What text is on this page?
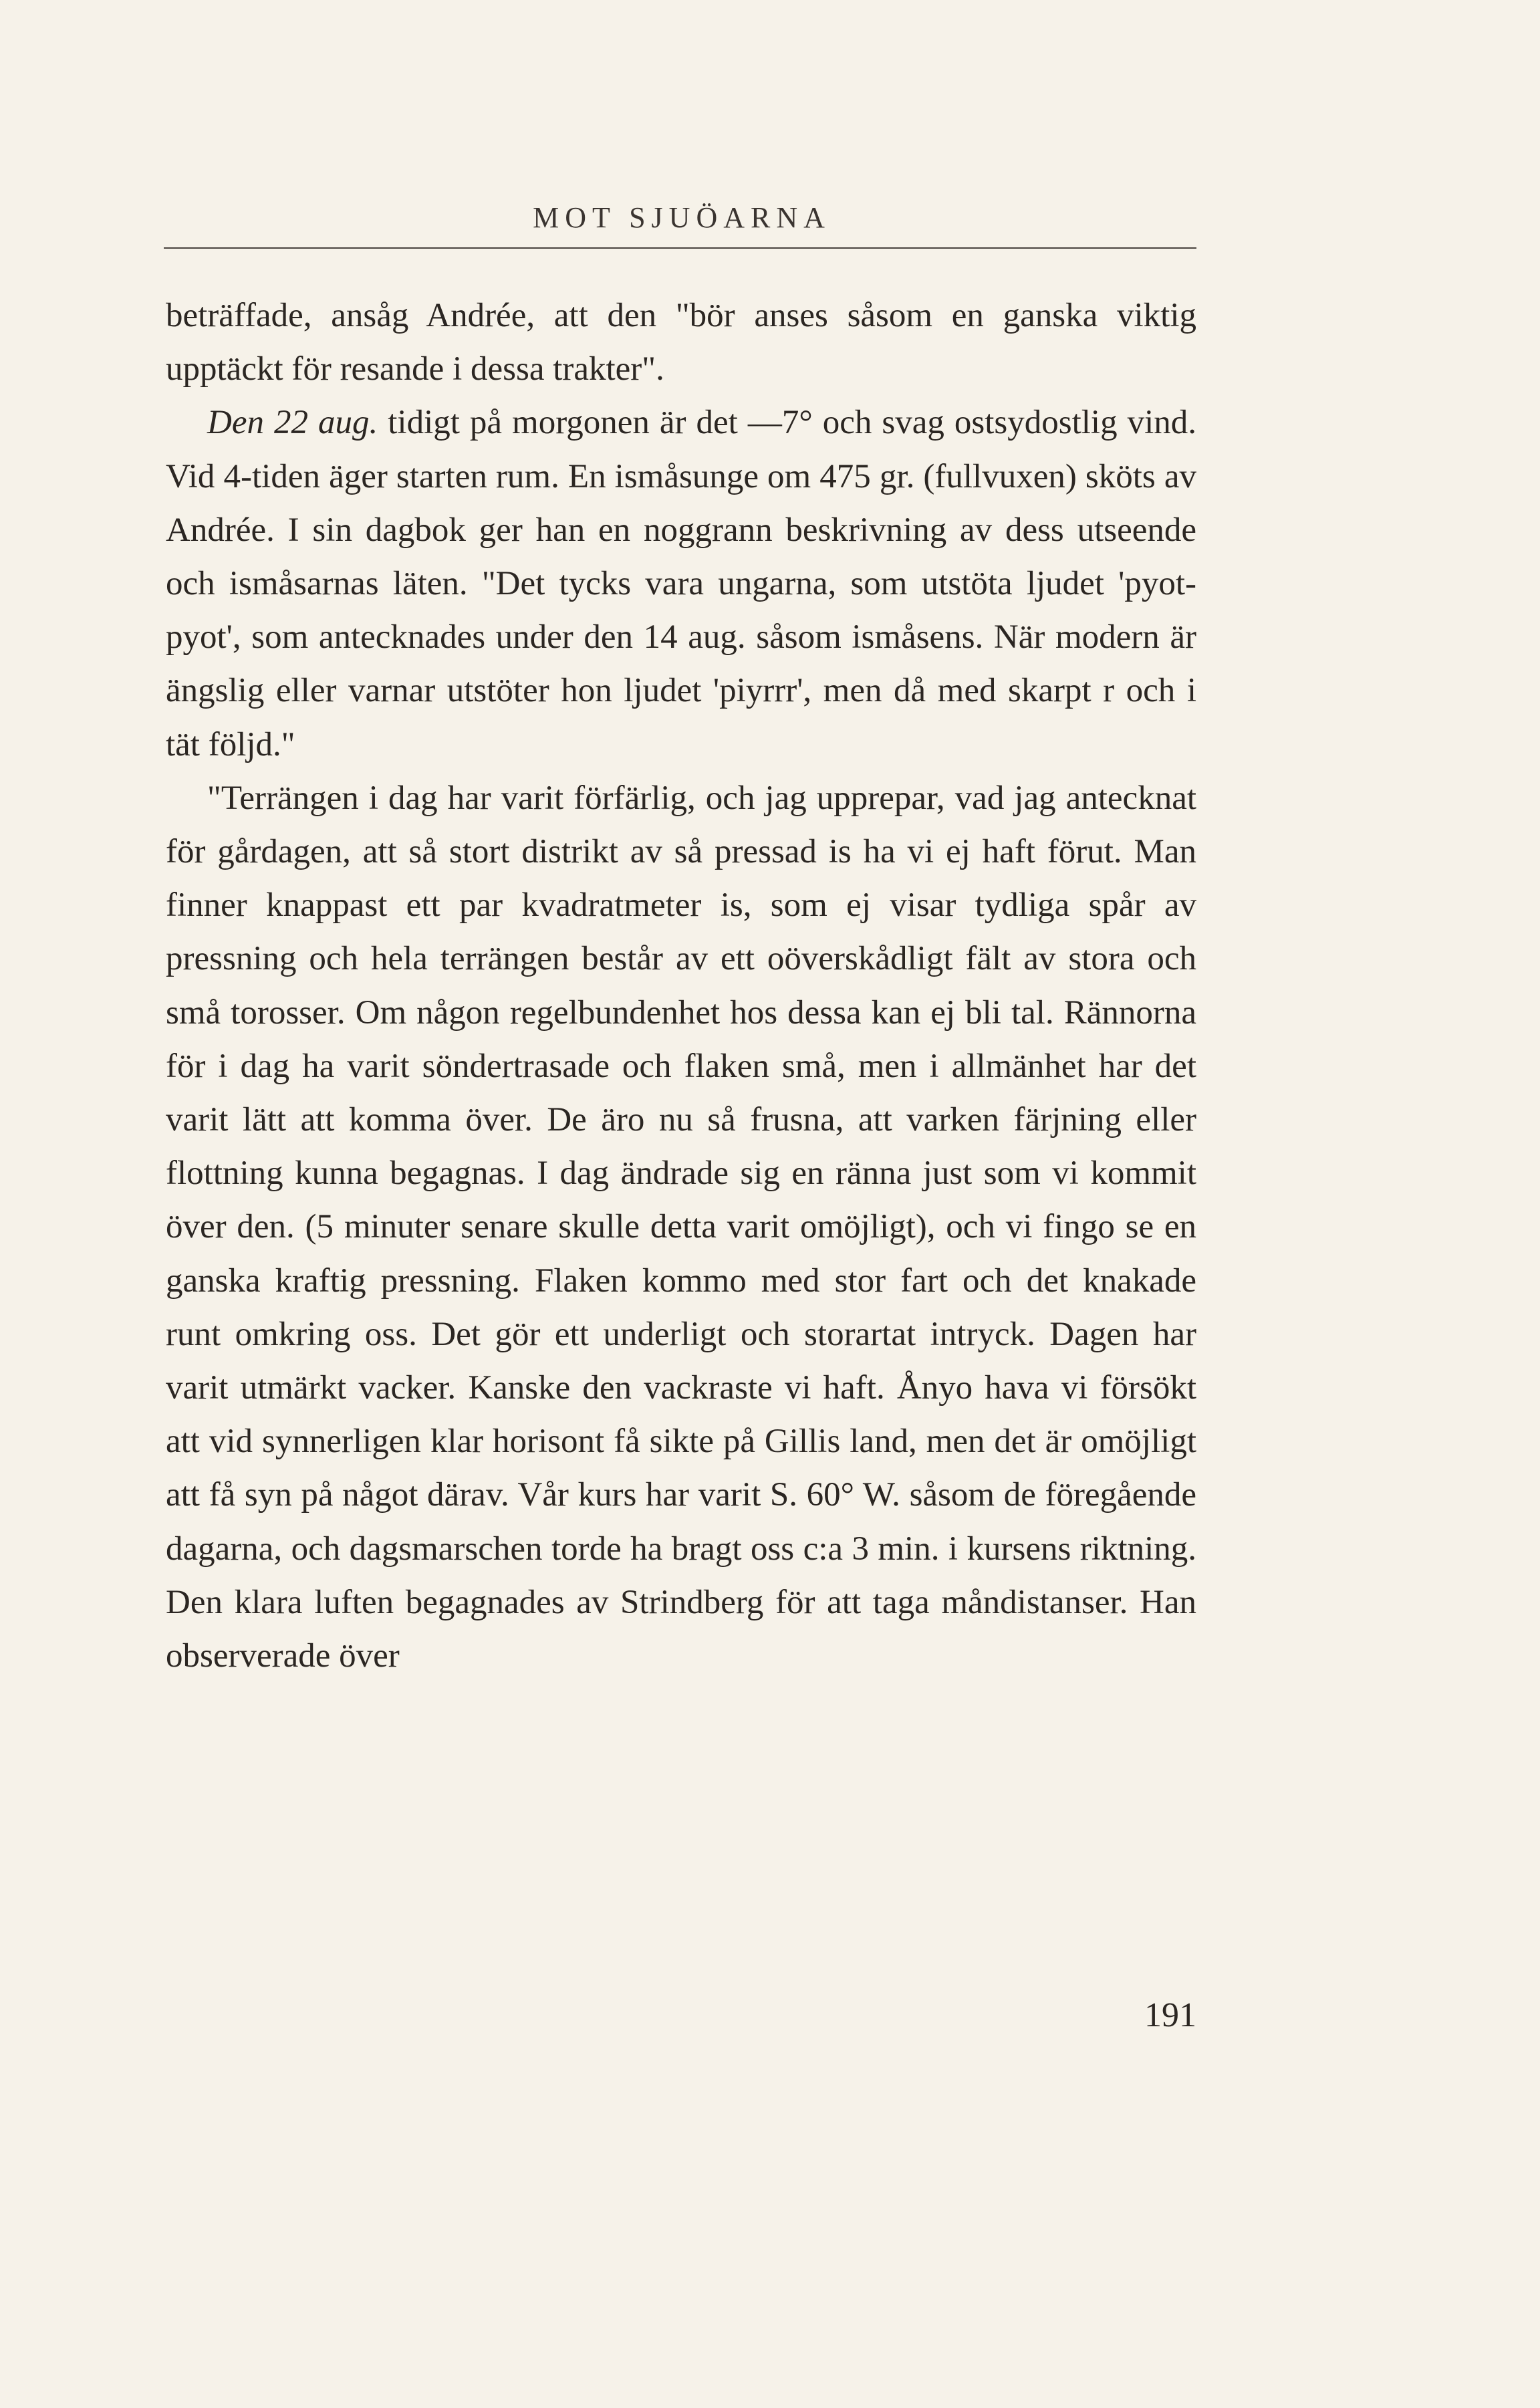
MOT SJUÖARNA

beträffade, ansåg Andrée, att den "bör anses såsom en ganska viktig upptäckt för resande i dessa trakter".

Den 22 aug. tidigt på morgonen är det —7° och svag ostsydostlig vind. Vid 4-tiden äger starten rum. En ismåsunge om 475 gr. (fullvuxen) sköts av Andrée. I sin dagbok ger han en noggrann beskrivning av dess utseende och ismåsarnas läten. "Det tycks vara ungarna, som utstöta ljudet 'pyot-pyot', som antecknades under den 14 aug. såsom ismåsens. När modern är ängslig eller varnar utstöter hon ljudet 'piyrrr', men då med skarpt r och i tät följd."

"Terrängen i dag har varit förfärlig, och jag upprepar, vad jag antecknat för gårdagen, att så stort distrikt av så pressad is ha vi ej haft förut. Man finner knappast ett par kvadratmeter is, som ej visar tydliga spår av pressning och hela terrängen består av ett oöverskådligt fält av stora och små torosser. Om någon regelbundenhet hos dessa kan ej bli tal. Rännorna för i dag ha varit söndertrasade och flaken små, men i allmänhet har det varit lätt att komma över. De äro nu så frusna, att varken färjning eller flottning kunna begagnas. I dag ändrade sig en ränna just som vi kommit över den. (5 minuter senare skulle detta varit omöjligt), och vi fingo se en ganska kraftig pressning. Flaken kommo med stor fart och det knakade runt omkring oss. Det gör ett underligt och storartat intryck. Dagen har varit utmärkt vacker. Kanske den vackraste vi haft. Ånyo hava vi försökt att vid synnerligen klar horisont få sikte på Gillis land, men det är omöjligt att få syn på något därav. Vår kurs har varit S. 60° W. såsom de föregående dagarna, och dagsmarschen torde ha bragt oss c:a 3 min. i kursens riktning. Den klara luften begagnades av Strindberg för att taga måndistanser. Han observerade över

191
